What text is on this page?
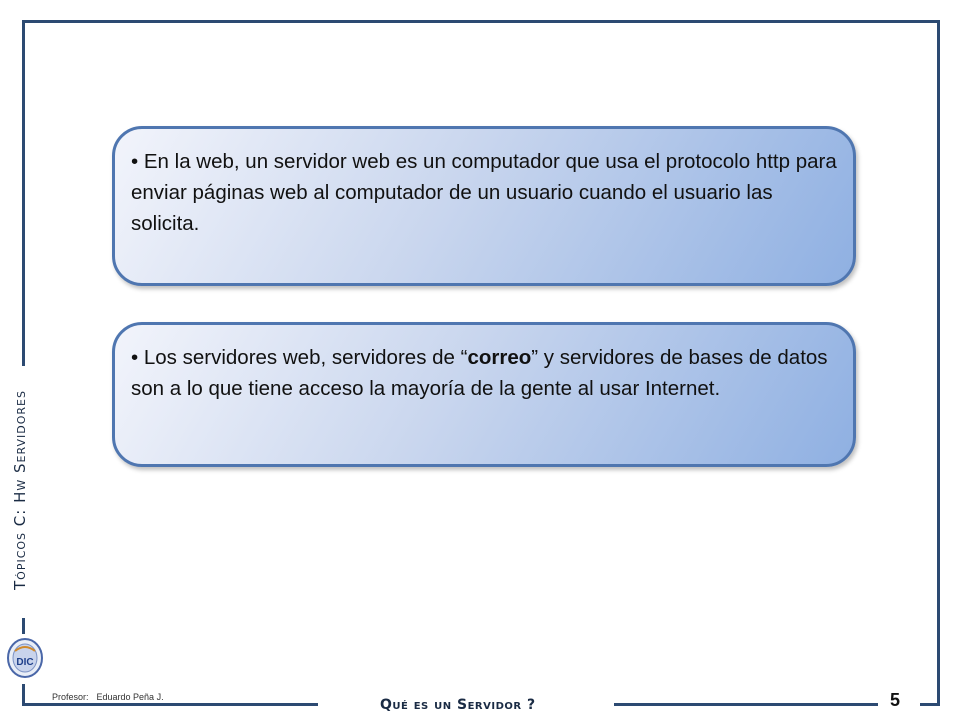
Tópicos C: Hw Servidores
• En la web, un servidor web es un computador que usa el protocolo http para enviar páginas web al computador de un usuario cuando el usuario las solicita.
• Los servidores web, servidores de “correo” y servidores de bases de datos son a lo que tiene acceso la mayoría de la gente al usar Internet.
DIC
Profesor: Eduardo Peña J.	Qué es un Servidor ?	5
